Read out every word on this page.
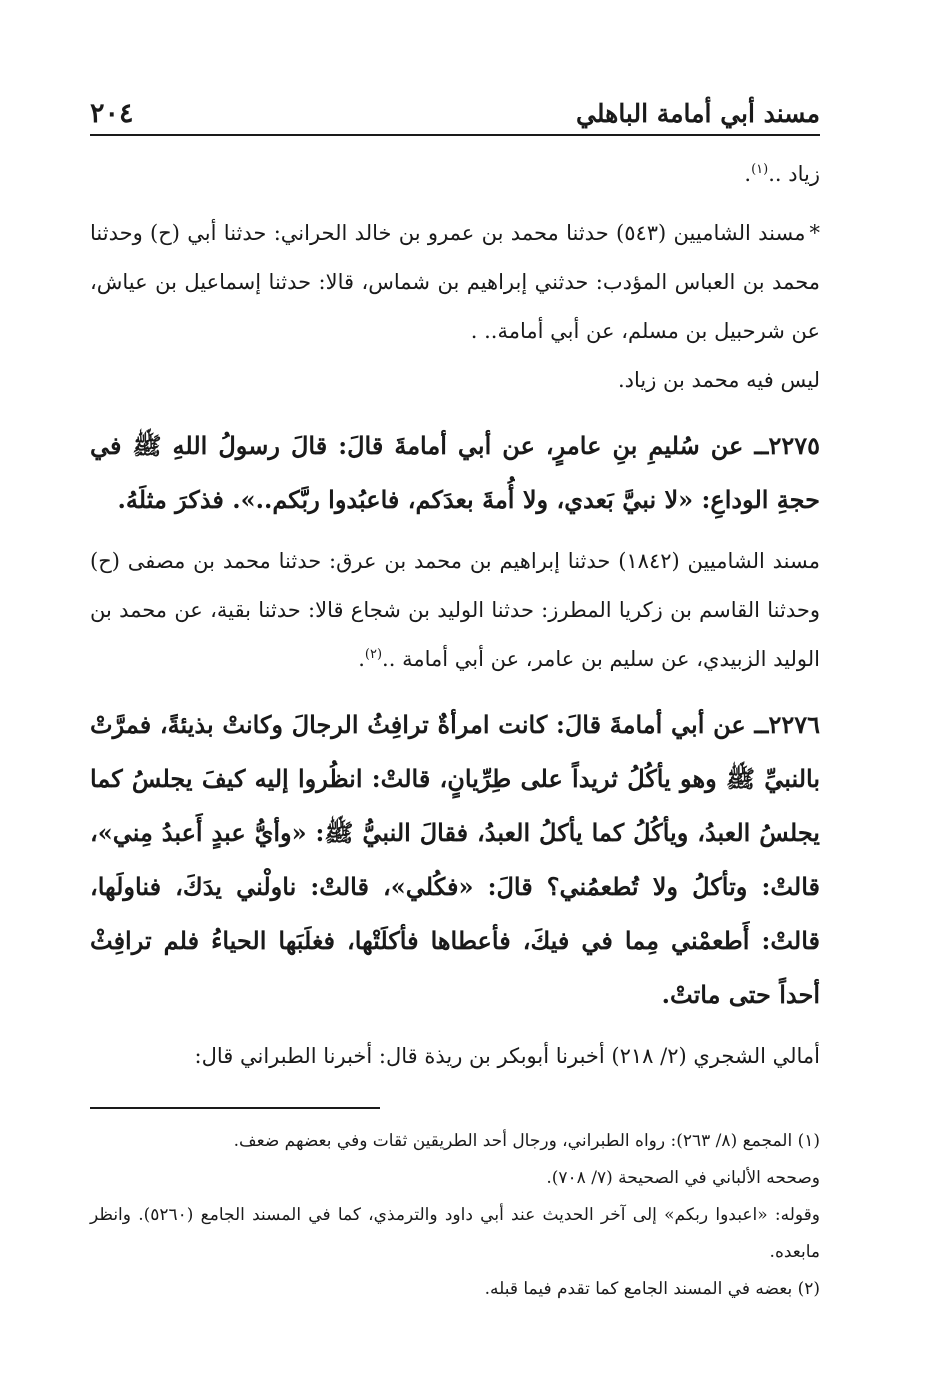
مسند أبي أمامة الباهلي
٢٠٤

زياد ..$^{(١)}$.

*مسند الشاميين (٥٤٣) حدثنا محمد بن عمرو بن خالد الحراني: حدثنا أبي (ح) وحدثنا محمد بن العباس المؤدب: حدثني إبراهيم بن شماس، قالا: حدثنا إسماعيل بن عياش، عن شرحبيل بن مسلم، عن أبي أمامة.. .

ليس فيه محمد بن زياد.

٢٢٧٥ــ عن سُليمِ بنِ عامرٍ، عن أبي أمامةَ قالَ: قالَ رسولُ اللهِ ﷺ في حجةِ الوداعِ: «لا نبيَّ بَعدي، ولا أُمةَ بعدَكم، فاعبُدوا ربَّكم..». فذكرَ مثلَهُ.

مسند الشاميين (١٨٤٢) حدثنا إبراهيم بن محمد بن عرق: حدثنا محمد بن مصفى (ح) وحدثنا القاسم بن زكريا المطرز: حدثنا الوليد بن شجاع قالا: حدثنا بقية، عن محمد بن الوليد الزبيدي، عن سليم بن عامر، عن أبي أمامة ..$^{(٢)}$.

٢٢٧٦ــ عن أبي أمامةَ قالَ: كانت امرأةٌ ترافِثُ الرجالَ وكانتْ بذيئةً، فمرَّتْ بالنبيِّ ﷺ وهو يأكُلُ ثريداً على طِرِّيانٍ، قالتْ: انظُروا إليه كيفَ يجلسُ كما يجلسُ العبدُ، ويأكُلُ كما يأكلُ العبدُ، فقالَ النبيُّ ﷺ: «وأيُّ عبدٍ أَعبدُ مِني»، قالتْ: وتأكلُ ولا تُطعمُني؟ قالَ: «فكُلي»، قالتْ: ناولْني يدَكَ، فناولَها، قالتْ: أَطعمْني مِما في فيكَ، فأعطاها فأكلَتْها، فغلَبَها الحياءُ فلم ترافِثْ أحداً حتى ماتتْ.

أمالي الشجري (٢/ ٢١٨) أخبرنا أبوبكر بن ريذة قال: أخبرنا الطبراني قال:

(١) المجمع (٨/ ٢٦٣): رواه الطبراني، ورجال أحد الطريقين ثقات وفي بعضهم ضعف.

وصححه الألباني في الصحيحة (٧/ ٧٠٨).

وقوله: «اعبدوا ربكم» إلى آخر الحديث عند أبي داود والترمذي، كما في المسند الجامع (٥٢٦٠). وانظر مابعده.

(٢) بعضه في المسند الجامع كما تقدم فيما قبله.
